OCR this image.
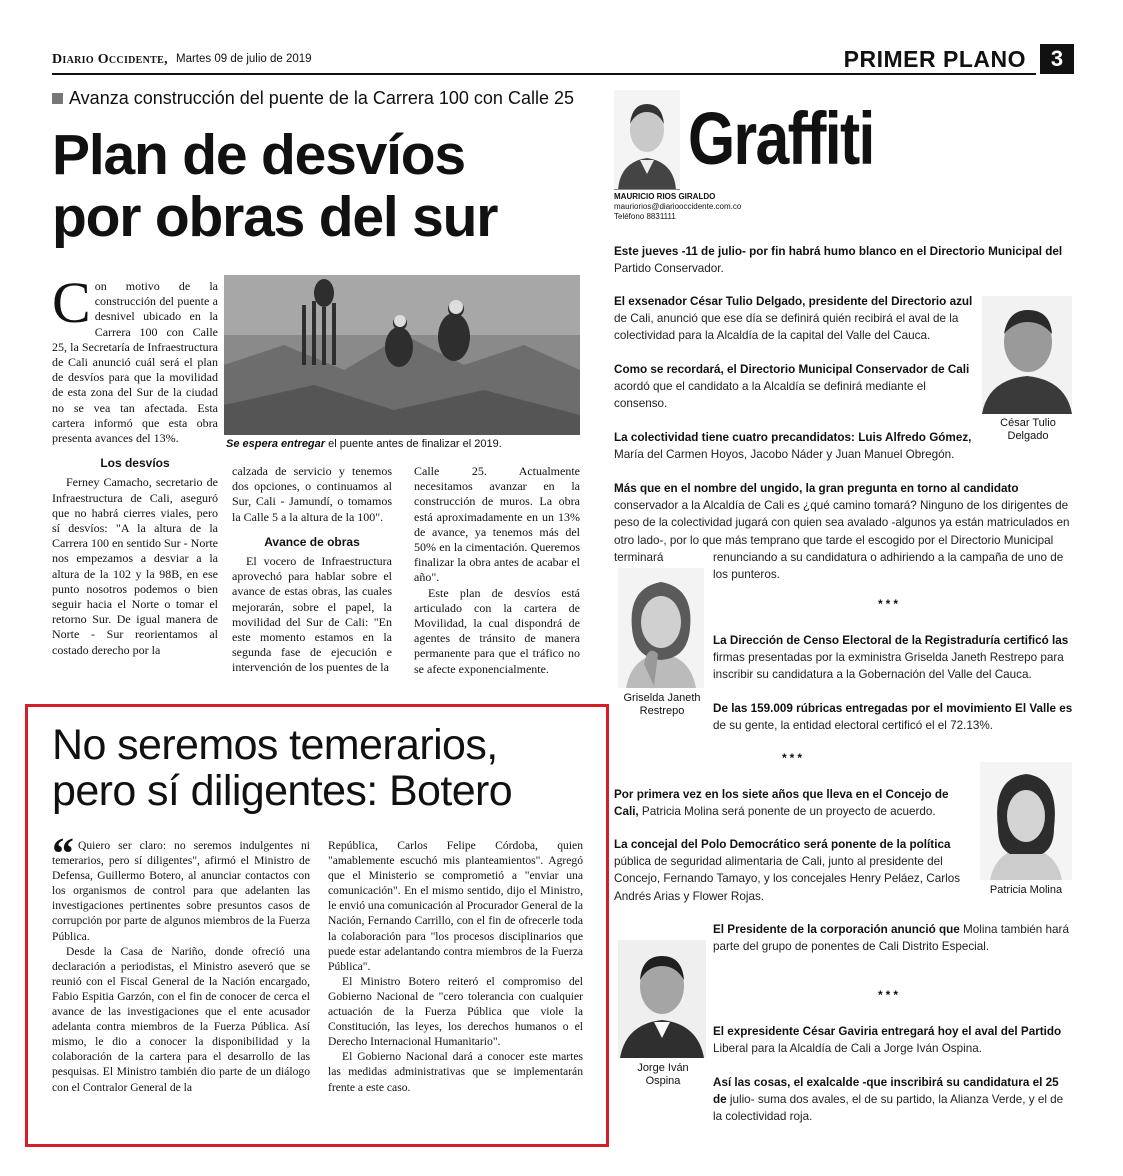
Diario Occidente, Martes 09 de julio de 2019	PRIMER PLANO	3
Avanza construcción del puente de la Carrera 100 con Calle 25
Plan de desvíos
por obras del sur

Con motivo de la construcción del puente a desnivel ubicado en la Carrera 100 con Calle 25, la Secretaría de Infraestructura de Cali anunció cuál será el plan de desvíos para que la movilidad de esta zona del Sur de la ciudad no se vea tan afectada. Esta cartera informó que esta obra presenta avances del 13%.

Los desvíos

Ferney Camacho, secretario de Infraestructura de Cali, aseguró que no habrá cierres viales, pero sí desvíos: "A la altura de la Carrera 100 en sentido Sur - Norte nos empezamos a desviar a la altura de la 102 y la 98B, en ese punto nosotros podemos o bien seguir hacia el Norte o tomar el retorno Sur. De igual manera de Norte - Sur reorientamos al costado derecho por la

Se espera entregar el puente antes de finalizar el 2019.

calzada de servicio y tenemos dos opciones, o continuamos al Sur, Cali - Jamundí, o tomamos la Calle 5 a la altura de la 100".

Avance de obras

El vocero de Infraestructura aprovechó para hablar sobre el avance de estas obras, las cuales mejorarán, sobre el papel, la movilidad del Sur de Cali: "En este momento estamos en la segunda fase de ejecución e intervención de los puentes de la

Calle 25. Actualmente necesitamos avanzar en la construcción de muros. La obra está aproximadamente en un 13% de avance, ya tenemos más del 50% en la cimentación. Queremos finalizar la obra antes de acabar el año".

Este plan de desvíos está articulado con la cartera de Movilidad, la cual dispondrá de agentes de tránsito de manera permanente para que el tráfico no se afecte exponencialmente.

No seremos temerarios,
pero sí diligentes: Botero
“ Quiero ser claro: no seremos indulgentes ni temerarios, pero sí diligentes", afirmó el Ministro de Defensa, Guillermo Botero, al anunciar contactos con los organismos de control para que adelanten las investigaciones pertinentes sobre presuntos casos de corrupción por parte de algunos miembros de la Fuerza Pública.

Desde la Casa de Nariño, donde ofreció una declaración a periodistas, el Ministro aseveró que se reunió con el Fiscal General de la Nación encargado, Fabio Espitia Garzón, con el fin de conocer de cerca el avance de las investigaciones que el ente acusador adelanta contra miembros de la Fuerza Pública. Así mismo, le dio a conocer la disponibilidad y la colaboración de la cartera para el desarrollo de las pesquisas. El Ministro también dio parte de un diálogo con el Contralor General de la

República, Carlos Felipe Córdoba, quien "amablemente escuchó mis planteamientos". Agregó que el Ministerio se comprometió a "enviar una comunicación". En el mismo sentido, dijo el Ministro, le envió una comunicación al Procurador General de la Nación, Fernando Carrillo, con el fin de ofrecerle toda la colaboración para "los procesos disciplinarios que puede estar adelantando contra miembros de la Fuerza Pública".

El Ministro Botero reiteró el compromiso del Gobierno Nacional de "cero tolerancia con cualquier actuación de la Fuerza Pública que viole la Constitución, las leyes, los derechos humanos o el Derecho Internacional Humanitario".

El Gobierno Nacional dará a conocer este martes las medidas administrativas que se implementarán frente a este caso.

Graffiti
MAURICIO RIOS GIRALDO
mauriorios@diariooccidente.com.co
Teléfono 8831111
Este jueves -11 de julio- por fin habrá humo blanco en el Directorio Municipal del Partido Conservador.
El exsenador César Tulio Delgado, presidente del Directorio azul de Cali, anunció que ese día se definirá quién recibirá el aval de la colectividad para la Alcaldía de la capital del Valle del Cauca.
Como se recordará, el Directorio Municipal Conservador de Cali acordó que el candidato a la Alcaldía se definirá mediante el consenso.
César Tulio
Delgado
La colectividad tiene cuatro precandidatos: Luis Alfredo Gómez, María del Carmen Hoyos, Jacobo Náder y Juan Manuel Obregón.
Más que en el nombre del ungido, la gran pregunta en torno al candidato conservador a la Alcaldía de Cali es ¿qué camino tomará? Ninguno de los dirigentes de peso de la colectividad jugará con quien sea avalado -algunos ya están matriculados en otro lado-, por lo que más temprano que tarde el escogido por el Directorio Municipal terminará	renunciando a su candidatura o adhiriendo a la campaña de uno de los punteros.
Griselda Janeth
Restrepo
***
La Dirección de Censo Electoral de la Registraduría certificó las firmas presentadas por la exministra Griselda Janeth Restrepo para inscribir su candidatura a la Gobernación del Valle del Cauca.
De las 159.009 rúbricas entregadas por el movimiento El Valle es de su gente, la entidad electoral certificó el el 72.13%.
***
Por primera vez en los siete años que lleva en el Concejo de Cali, Patricia Molina será ponente de un proyecto de acuerdo.
La concejal del Polo Democrático será ponente de la política pública de seguridad alimentaria de Cali, junto al presidente del Concejo, Fernando Tamayo, y los concejales Henry Peláez, Carlos Andrés Arias y Flower Rojas.	Patricia Molina
El Presidente de la corporación anunció que Molina también hará parte del grupo de ponentes de Cali Distrito Especial.
Jorge Iván
Ospina
***
El expresidente César Gaviria entregará hoy el aval del Partido Liberal para la Alcaldía de Cali a Jorge Iván Ospina.
Así las cosas, el exalcalde -que inscribirá su candidatura el 25 de julio- suma dos avales, el de su partido, la Alianza Verde, y el de la colectividad roja.
